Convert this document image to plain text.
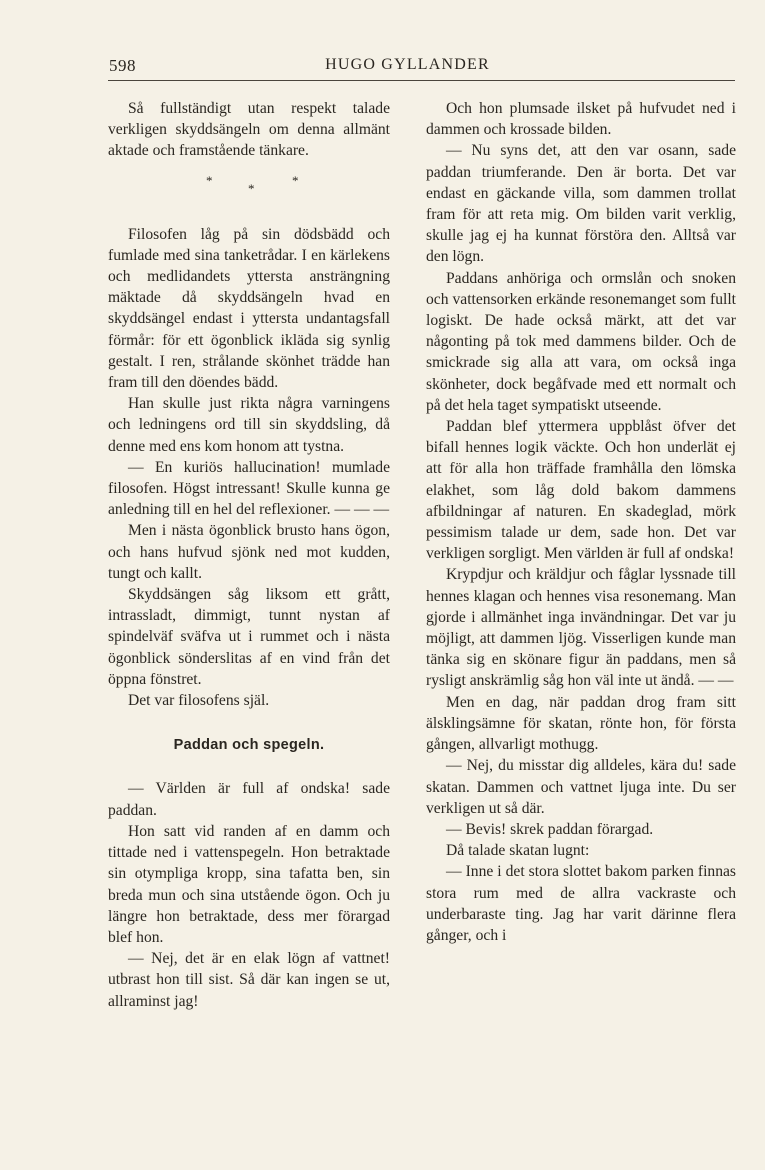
598	HUGO GYLLANDER

Så fullständigt utan respekt talade verkligen skyddsängeln om denna allmänt aktade och framstående tänkare.

*
*
*

Filosofen låg på sin dödsbädd och fumlade med sina tanketrådar. I en kärlekens och medlidandets yttersta ansträngning mäktade då skyddsängeln hvad en skyddsängel endast i yttersta undantagsfall förmår: för ett ögonblick ikläda sig synlig gestalt. I ren, strålande skönhet trädde han fram till den döendes bädd.

Han skulle just rikta några varningens och ledningens ord till sin skyddsling, då denne med ens kom honom att tystna.

— En kuriös hallucination! mumlade filosofen. Högst intressant! Skulle kunna ge anledning till en hel del reflexioner. — — —

Men i nästa ögonblick brusto hans ögon, och hans hufvud sjönk ned mot kudden, tungt och kallt.

Skyddsängen såg liksom ett grått, intrassladt, dimmigt, tunnt nystan af spindelväf sväfva ut i rummet och i nästa ögonblick sönderslitas af en vind från det öppna fönstret.

Det var filosofens själ.

Paddan och spegeln.

— Världen är full af ondska! sade paddan.

Hon satt vid randen af en damm och tittade ned i vattenspegeln. Hon betraktade sin otympliga kropp, sina tafatta ben, sin breda mun och sina utstående ögon. Och ju längre hon betraktade, dess mer förargad blef hon.

— Nej, det är en elak lögn af vattnet! utbrast hon till sist. Så där kan ingen se ut, allraminst jag!

Och hon plumsade ilsket på hufvudet ned i dammen och krossade bilden.

— Nu syns det, att den var osann, sade paddan triumferande. Den är borta. Det var endast en gäckande villa, som dammen trollat fram för att reta mig. Om bilden varit verklig, skulle jag ej ha kunnat förstöra den. Alltså var den lögn.

Paddans anhöriga och ormslån och snoken och vattensorken erkände resonemanget som fullt logiskt. De hade också märkt, att det var någonting på tok med dammens bilder. Och de smickrade sig alla att vara, om också inga skönheter, dock begåfvade med ett normalt och på det hela taget sympatiskt utseende.

Paddan blef yttermera uppblåst öfver det bifall hennes logik väckte. Och hon underlät ej att för alla hon träffade framhålla den lömska elakhet, som låg dold bakom dammens afbildningar af naturen. En skadeglad, mörk pessimism talade ur dem, sade hon. Det var verkligen sorgligt. Men världen är full af ondska!

Krypdjur och kräldjur och fåglar lyssnade till hennes klagan och hennes visa resonemang. Man gjorde i allmänhet inga invändningar. Det var ju möjligt, att dammen ljög. Visserligen kunde man tänka sig en skönare figur än paddans, men så rysligt anskrämlig såg hon väl inte ut ändå. — —

Men en dag, när paddan drog fram sitt älsklingsämne för skatan, rönte hon, för första gången, allvarligt mothugg.

— Nej, du misstar dig alldeles, kära du! sade skatan. Dammen och vattnet ljuga inte. Du ser verkligen ut så där.

— Bevis! skrek paddan förargad.

Då talade skatan lugnt:

— Inne i det stora slottet bakom parken finnas stora rum med de allra vackraste och underbaraste ting. Jag har varit därinne flera gånger, och i
